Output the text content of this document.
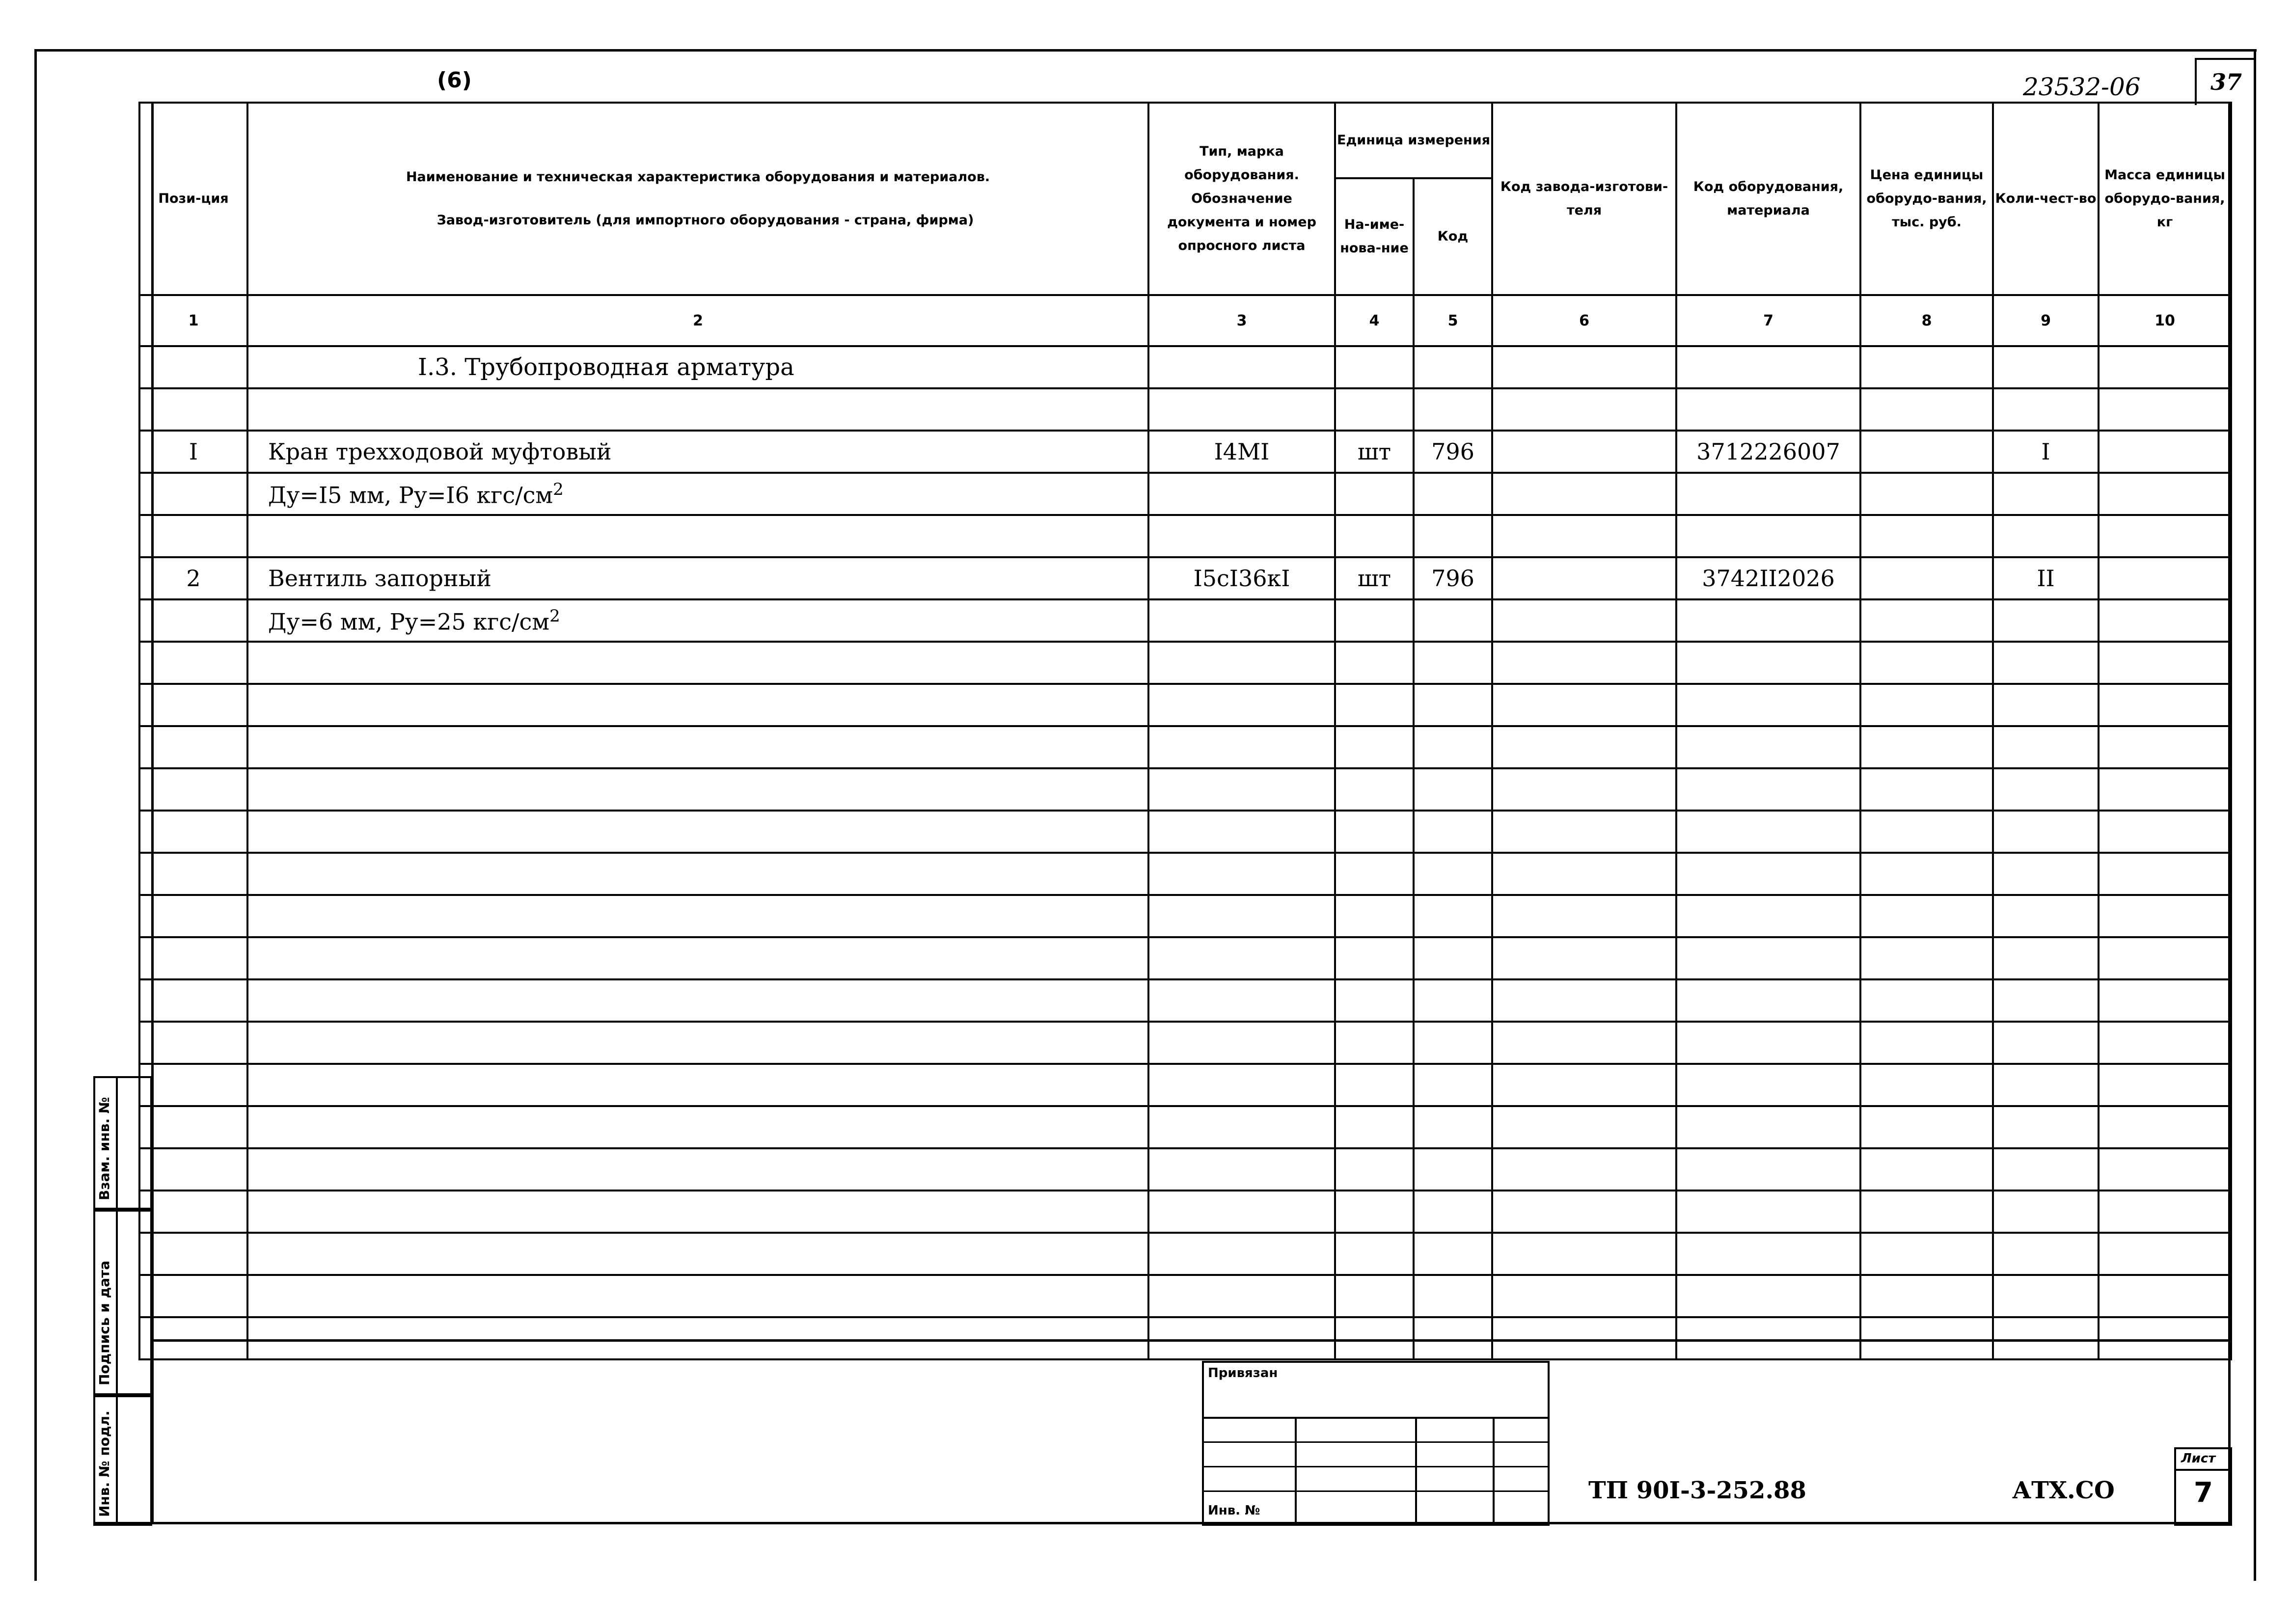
(6)	23532-06	37
Пози-ция	Наименование и техническая характеристика оборудования и материалов.
Завод-изготовитель (для импортного оборудования - страна, фирма)	Тип, марка оборудования. Обозначение документа и номер опросного листа	Единица измерения		Код завода-изготови-теля	Код оборудования, материала	Цена единицы оборудо-вания, тыс. руб.	Коли-чест-во	Масса единицы оборудо-вания, кг
			На-име-нова-ние	Код					
1	2	3	4	5	6	7	8	9	10

	I.3. Трубопроводная арматура								

I	Кран трехходовой муфтовый	I4МI	шт	796		3712226007		I	
	Ду=I5 мм, Ру=I6 кгс/$см^2$								

2	Вентиль запорный	I5cI36кI	шт	796		3742II2026		II	
	Ду=6 мм, Ру=25 кгс/$см^2$								

Взам. инв. №
Подпись и дата
Инв. № подл.
Привязан
Инв. №
ТП 90I-3-252.88	АТХ.СО
Лист
7
